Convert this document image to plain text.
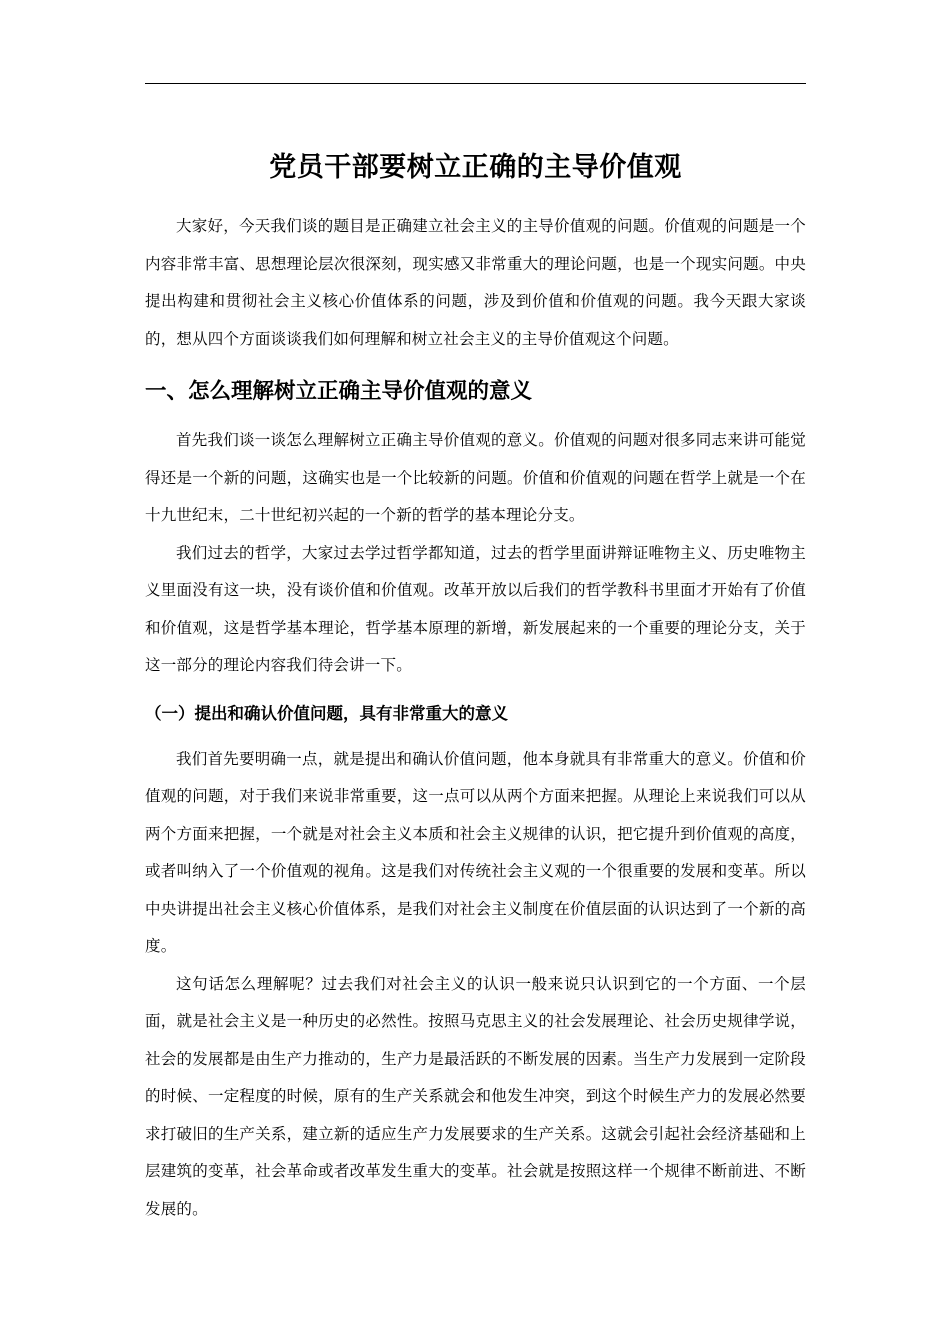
党员干部要树立正确的主导价值观

大家好，今天我们谈的题目是正确建立社会主义的主导价值观的问题。价值观的问题是一个内容非常丰富、思想理论层次很深刻，现实感又非常重大的理论问题，也是一个现实问题。中央提出构建和贯彻社会主义核心价值体系的问题，涉及到价值和价值观的问题。我今天跟大家谈的，想从四个方面谈谈我们如何理解和树立社会主义的主导价值观这个问题。

一、怎么理解树立正确主导价值观的意义

首先我们谈一谈怎么理解树立正确主导价值观的意义。价值观的问题对很多同志来讲可能觉得还是一个新的问题，这确实也是一个比较新的问题。价值和价值观的问题在哲学上就是一个在十九世纪末，二十世纪初兴起的一个新的哲学的基本理论分支。

我们过去的哲学，大家过去学过哲学都知道，过去的哲学里面讲辩证唯物主义、历史唯物主义里面没有这一块，没有谈价值和价值观。改革开放以后我们的哲学教科书里面才开始有了价值和价值观，这是哲学基本理论，哲学基本原理的新增，新发展起来的一个重要的理论分支，关于这一部分的理论内容我们待会讲一下。

（一）提出和确认价值问题，具有非常重大的意义

我们首先要明确一点，就是提出和确认价值问题，他本身就具有非常重大的意义。价值和价值观的问题，对于我们来说非常重要，这一点可以从两个方面来把握。从理论上来说我们可以从两个方面来把握，一个就是对社会主义本质和社会主义规律的认识，把它提升到价值观的高度，或者叫纳入了一个价值观的视角。这是我们对传统社会主义观的一个很重要的发展和变革。所以中央讲提出社会主义核心价值体系，是我们对社会主义制度在价值层面的认识达到了一个新的高度。

这句话怎么理解呢？过去我们对社会主义的认识一般来说只认识到它的一个方面、一个层面，就是社会主义是一种历史的必然性。按照马克思主义的社会发展理论、社会历史规律学说，社会的发展都是由生产力推动的，生产力是最活跃的不断发展的因素。当生产力发展到一定阶段的时候、一定程度的时候，原有的生产关系就会和他发生冲突，到这个时候生产力的发展必然要求打破旧的生产关系，建立新的适应生产力发展要求的生产关系。这就会引起社会经济基础和上层建筑的变革，社会革命或者改革发生重大的变革。社会就是按照这样一个规律不断前进、不断发展的。
